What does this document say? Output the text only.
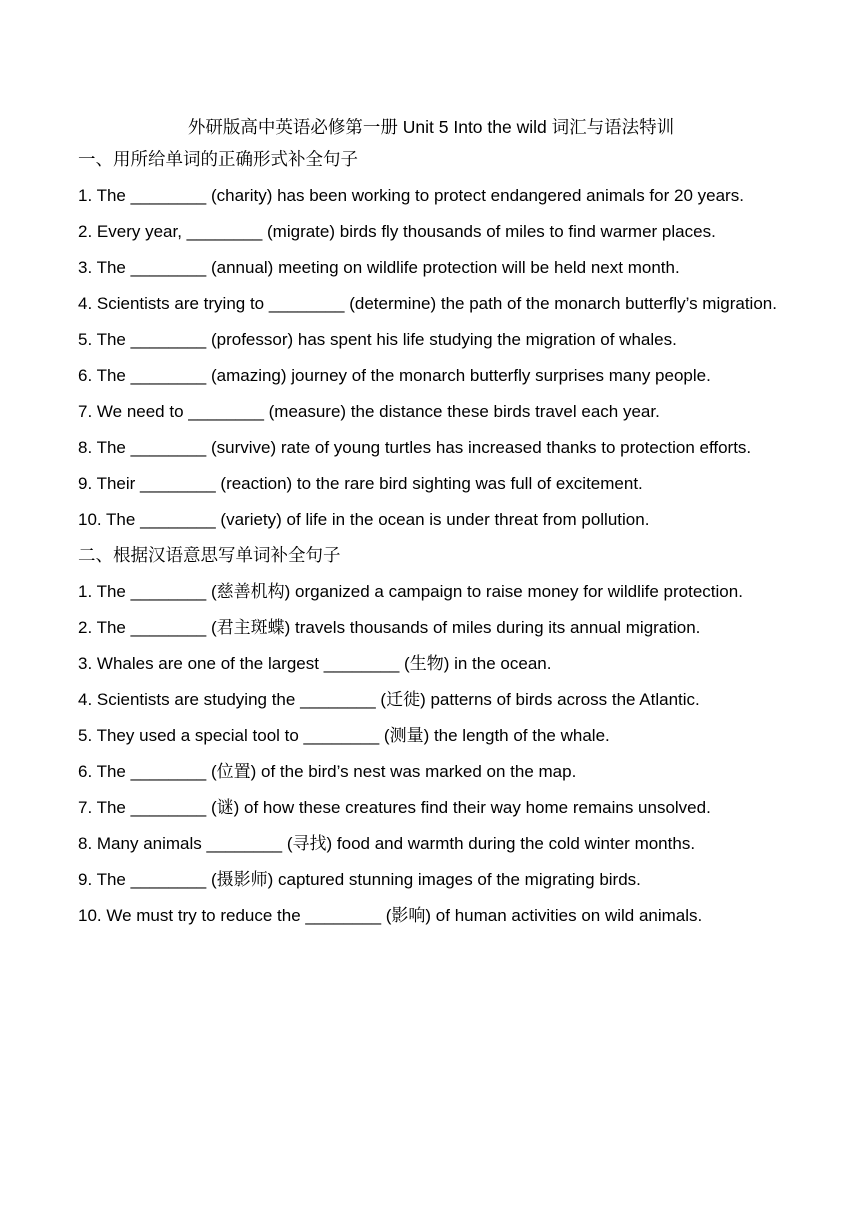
外研版高中英语必修第一册 Unit 5 Into the wild 词汇与语法特训
一、用所给单词的正确形式补全句子
1. The ________ (charity) has been working to protect endangered animals for 20 years.
2. Every year, ________ (migrate) birds fly thousands of miles to find warmer places.
3. The ________ (annual) meeting on wildlife protection will be held next month.
4. Scientists are trying to ________ (determine) the path of the monarch butterfly’s migration.
5. The ________ (professor) has spent his life studying the migration of whales.
6. The ________ (amazing) journey of the monarch butterfly surprises many people.
7. We need to ________ (measure) the distance these birds travel each year.
8. The ________ (survive) rate of young turtles has increased thanks to protection efforts.
9. Their ________ (reaction) to the rare bird sighting was full of excitement.
10. The ________ (variety) of life in the ocean is under threat from pollution.
二、根据汉语意思写单词补全句子
1. The ________ (慈善机构) organized a campaign to raise money for wildlife protection.
2. The ________ (君主斑蝶) travels thousands of miles during its annual migration.
3. Whales are one of the largest ________ (生物) in the ocean.
4. Scientists are studying the ________ (迁徙) patterns of birds across the Atlantic.
5. They used a special tool to ________ (测量) the length of the whale.
6. The ________ (位置) of the bird’s nest was marked on the map.
7. The ________ (谜) of how these creatures find their way home remains unsolved.
8. Many animals ________ (寻找) food and warmth during the cold winter months.
9. The ________ (摄影师) captured stunning images of the migrating birds.
10. We must try to reduce the ________ (影响) of human activities on wild animals.
